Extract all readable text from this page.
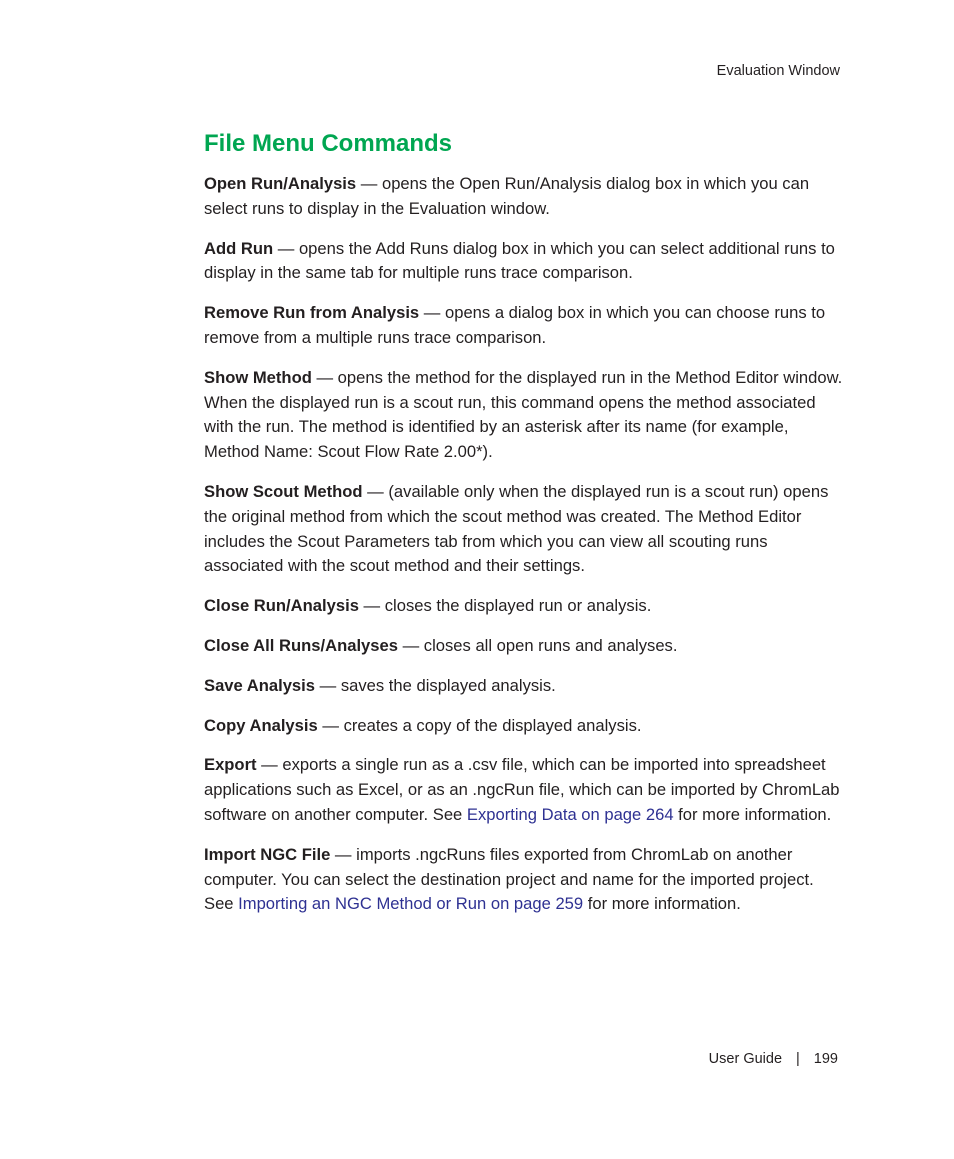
Evaluation Window
File Menu Commands

Open Run/Analysis — opens the Open Run/Analysis dialog box in which you can select runs to display in the Evaluation window.

Add Run — opens the Add Runs dialog box in which you can select additional runs to display in the same tab for multiple runs trace comparison.

Remove Run from Analysis — opens a dialog box in which you can choose runs to remove from a multiple runs trace comparison.

Show Method — opens the method for the displayed run in the Method Editor window. When the displayed run is a scout run, this command opens the method associated with the run. The method is identified by an asterisk after its name (for example, Method Name: Scout Flow Rate 2.00*).

Show Scout Method — (available only when the displayed run is a scout run) opens the original method from which the scout method was created. The Method Editor includes the Scout Parameters tab from which you can view all scouting runs associated with the scout method and their settings.

Close Run/Analysis — closes the displayed run or analysis.

Close All Runs/Analyses — closes all open runs and analyses.

Save Analysis — saves the displayed analysis.

Copy Analysis — creates a copy of the displayed analysis.

Export — exports a single run as a .csv file, which can be imported into spreadsheet applications such as Excel, or as an .ngcRun file, which can be imported by ChromLab software on another computer. See Exporting Data on page 264 for more information.

Import NGC File — imports .ngcRuns files exported from ChromLab on another computer. You can select the destination project and name for the imported project. See Importing an NGC Method or Run on page 259 for more information.

User Guide | 199
